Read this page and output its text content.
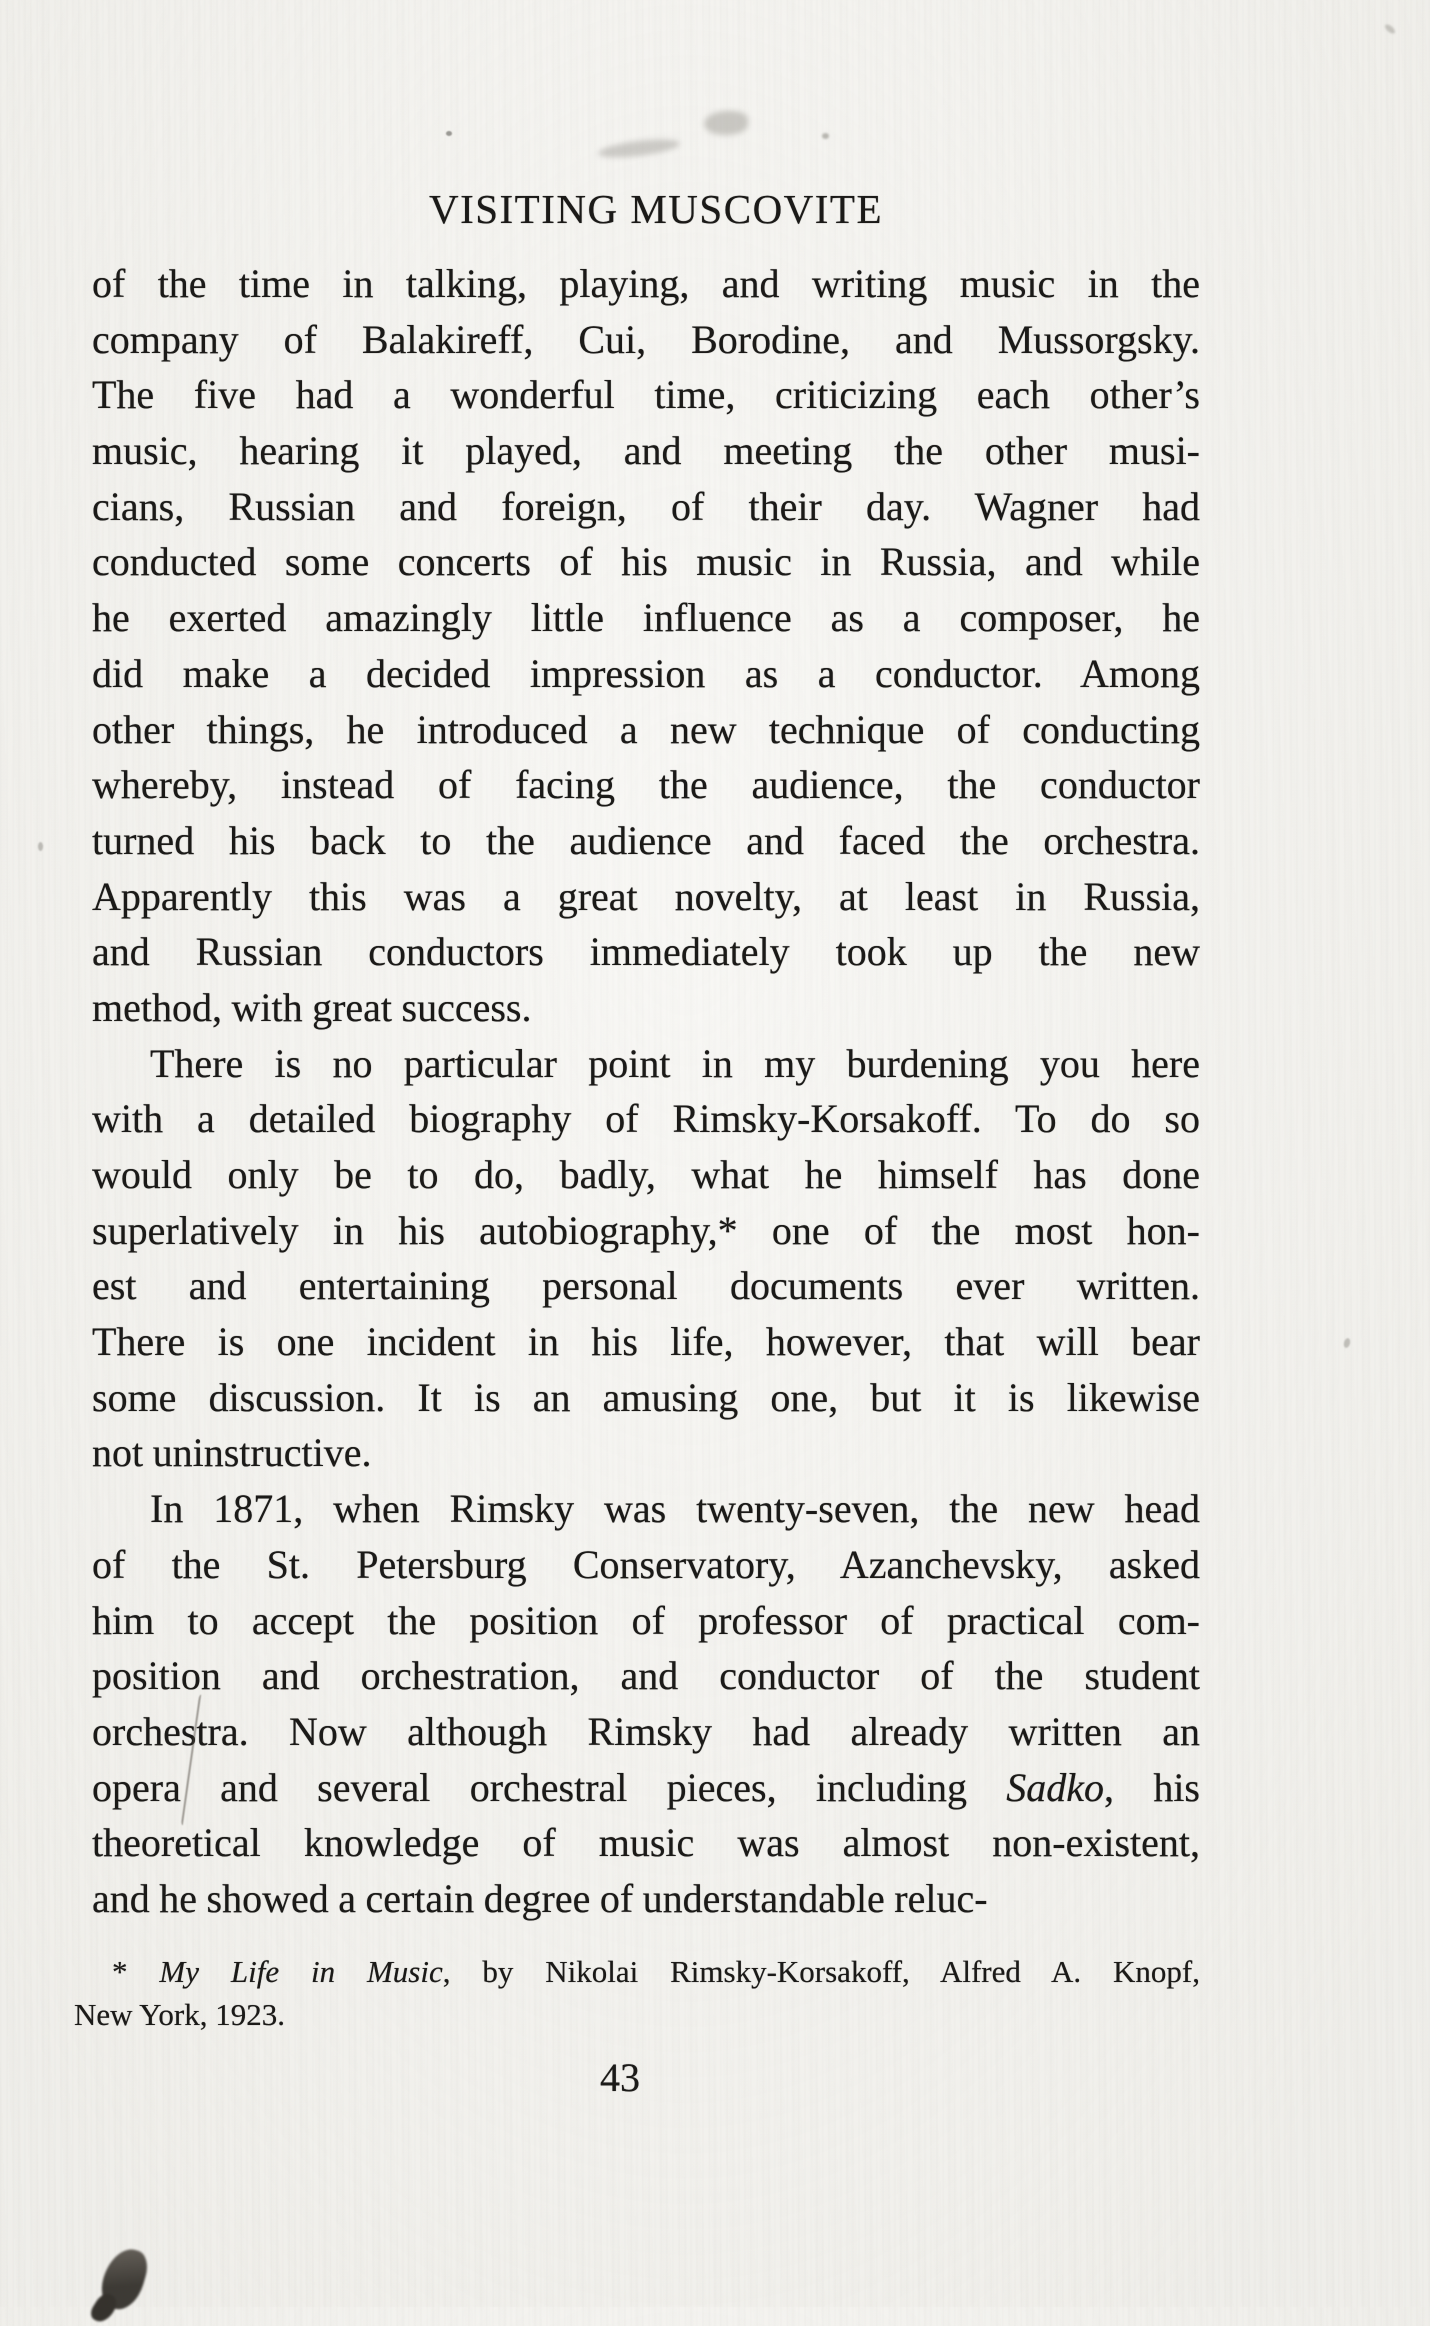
VISITING MUSCOVITE
of the time in talking, playing, and writing music in the
company of Balakireff, Cui, Borodine, and Mussorgsky.
The five had a wonderful time, criticizing each other’s
music, hearing it played, and meeting the other musi-
cians, Russian and foreign, of their day. Wagner had
conducted some concerts of his music in Russia, and while
he exerted amazingly little influence as a composer, he
did make a decided impression as a conductor. Among
other things, he introduced a new technique of conducting
whereby, instead of facing the audience, the conductor
turned his back to the audience and faced the orchestra.
Apparently this was a great novelty, at least in Russia,
and Russian conductors immediately took up the new
method, with great success.
There is no particular point in my burdening you here
with a detailed biography of Rimsky-Korsakoff. To do so
would only be to do, badly, what he himself has done
superlatively in his autobiography,* one of the most hon-
est and entertaining personal documents ever written.
There is one incident in his life, however, that will bear
some discussion. It is an amusing one, but it is likewise
not uninstructive.
In 1871, when Rimsky was twenty-seven, the new head
of the St. Petersburg Conservatory, Azanchevsky, asked
him to accept the position of professor of practical com-
position and orchestration, and conductor of the student
orchestra. Now although Rimsky had already written an
opera and several orchestral pieces, including Sadko, his
theoretical knowledge of music was almost non-existent,
and he showed a certain degree of understandable reluc-
* My Life in Music, by Nikolai Rimsky-Korsakoff, Alfred A. Knopf,
New York, 1923.
43
